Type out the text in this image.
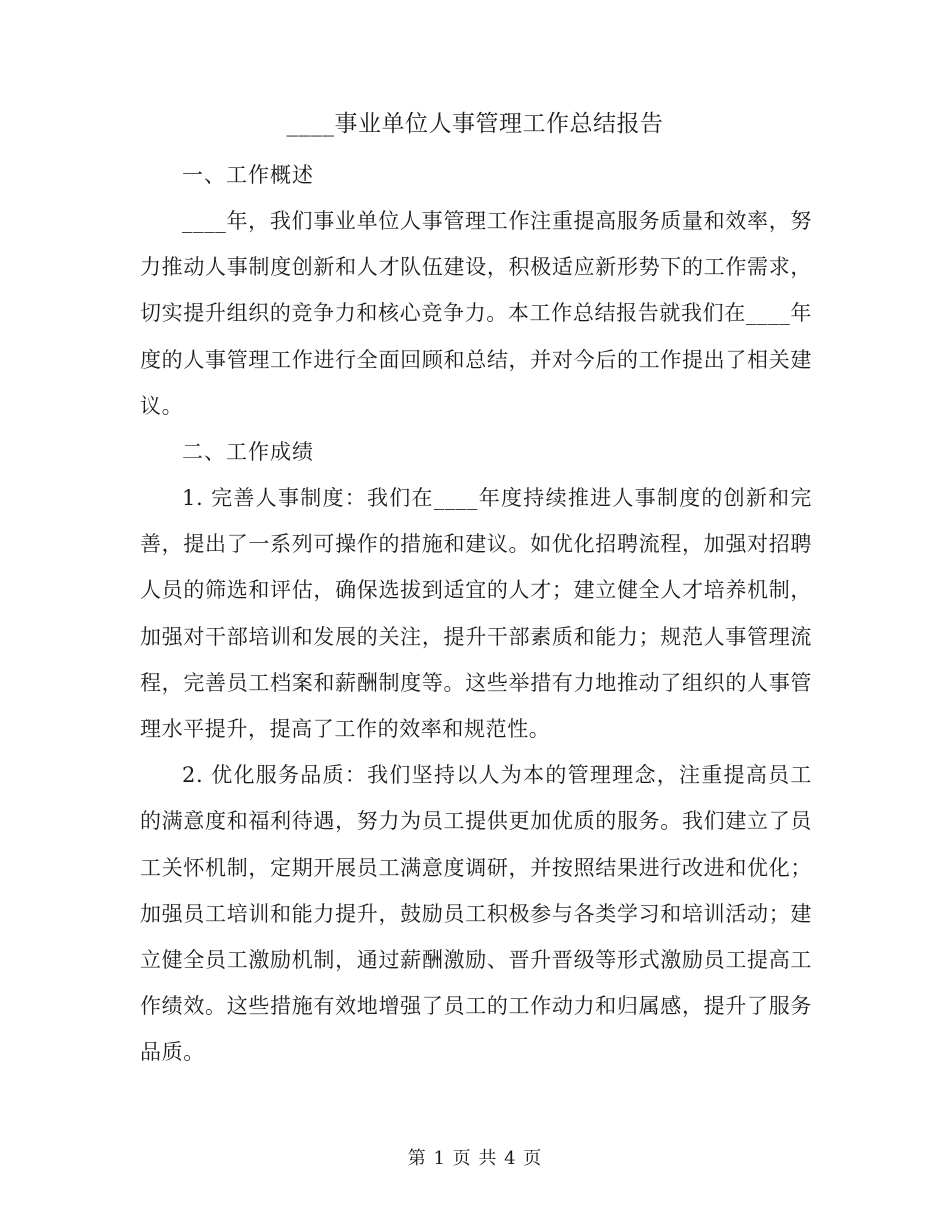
____事业单位人事管理工作总结报告

一、工作概述

____年，我们事业单位人事管理工作注重提高服务质量和效率，努力推动人事制度创新和人才队伍建设，积极适应新形势下的工作需求，切实提升组织的竞争力和核心竞争力。本工作总结报告就我们在____年度的人事管理工作进行全面回顾和总结，并对今后的工作提出了相关建议。

二、工作成绩

1. 完善人事制度：我们在____年度持续推进人事制度的创新和完善，提出了一系列可操作的措施和建议。如优化招聘流程，加强对招聘人员的筛选和评估，确保选拔到适宜的人才；建立健全人才培养机制，加强对干部培训和发展的关注，提升干部素质和能力；规范人事管理流程，完善员工档案和薪酬制度等。这些举措有力地推动了组织的人事管理水平提升，提高了工作的效率和规范性。

2. 优化服务品质：我们坚持以人为本的管理理念，注重提高员工的满意度和福利待遇，努力为员工提供更加优质的服务。我们建立了员工关怀机制，定期开展员工满意度调研，并按照结果进行改进和优化；加强员工培训和能力提升，鼓励员工积极参与各类学习和培训活动；建立健全员工激励机制，通过薪酬激励、晋升晋级等形式激励员工提高工作绩效。这些措施有效地增强了员工的工作动力和归属感，提升了服务品质。

第 1 页 共 4 页
